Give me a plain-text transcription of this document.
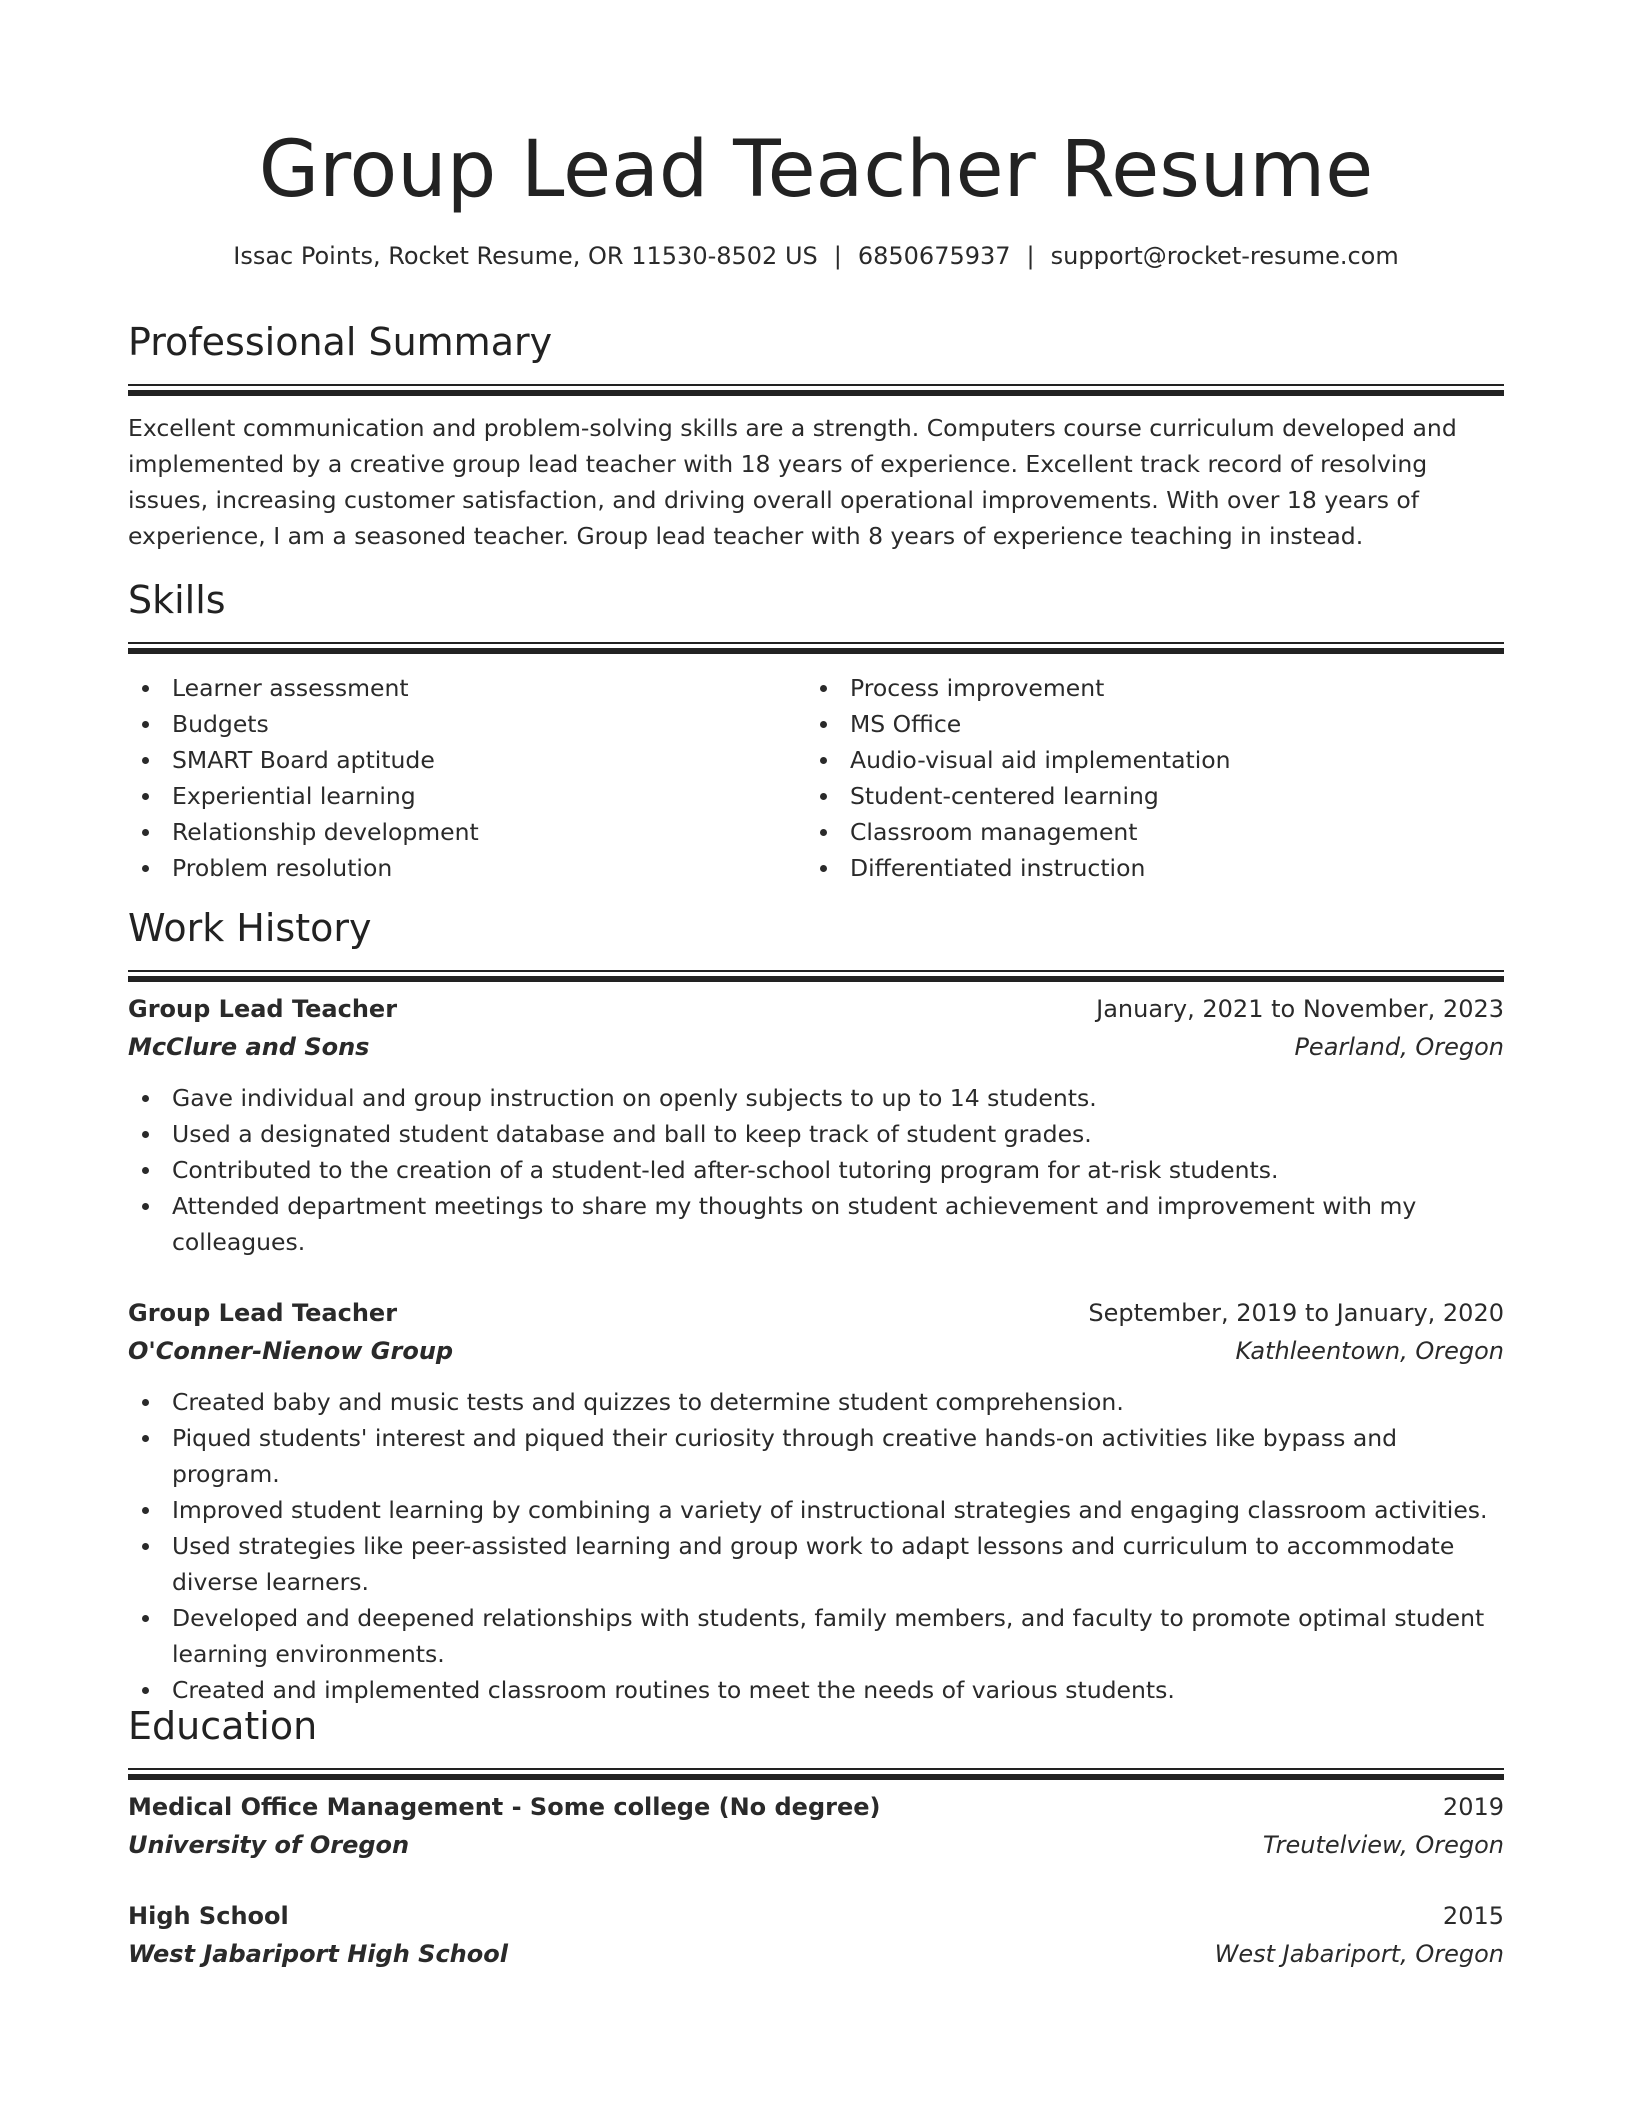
Group Lead Teacher Resume
Issac Points, Rocket Resume, OR 11530-8502 US | 6850675937 | support@rocket-resume.com
Professional Summary

Excellent communication and problem-solving skills are a strength. Computers course curriculum developed and implemented by a creative group lead teacher with 18 years of experience. Excellent track record of resolving issues, increasing customer satisfaction, and driving overall operational improvements. With over 18 years of experience, I am a seasoned teacher. Group lead teacher with 8 years of experience teaching in instead.

Skills
Learner assessment
Budgets
SMART Board aptitude
Experiential learning
Relationship development
Problem resolution
Process improvement
MS Office
Audio-visual aid implementation
Student-centered learning
Classroom management
Differentiated instruction
Work History
Group Lead Teacher	January, 2021 to November, 2023
McClure and Sons	Pearland, Oregon
Gave individual and group instruction on openly subjects to up to 14 students.
Used a designated student database and ball to keep track of student grades.
Contributed to the creation of a student-led after-school tutoring program for at-risk students.
Attended department meetings to share my thoughts on student achievement and improvement with my colleagues.
Group Lead Teacher	September, 2019 to January, 2020
O'Conner-Nienow Group	Kathleentown, Oregon
Created baby and music tests and quizzes to determine student comprehension.
Piqued students' interest and piqued their curiosity through creative hands-on activities like bypass and program.
Improved student learning by combining a variety of instructional strategies and engaging classroom activities.
Used strategies like peer-assisted learning and group work to adapt lessons and curriculum to accommodate diverse learners.
Developed and deepened relationships with students, family members, and faculty to promote optimal student learning environments.
Created and implemented classroom routines to meet the needs of various students.
Education
Medical Office Management - Some college (No degree)	2019
University of Oregon	Treutelview, Oregon
High School	2015
West Jabariport High School	West Jabariport, Oregon
